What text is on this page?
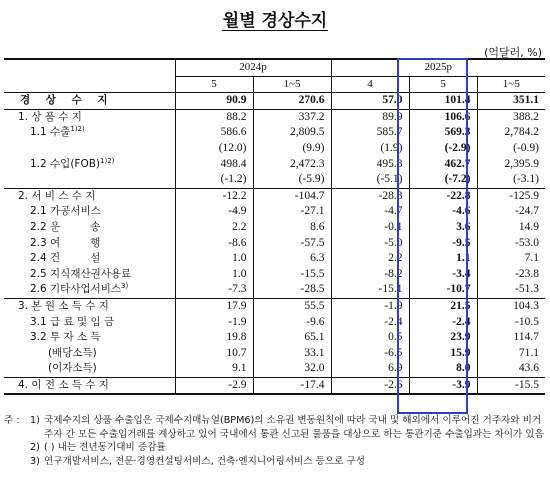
월별 경상수지
(억달러, %)
	2024p		2025p		
	5	1~5	4	5	1~5
경 상 수 지	90.9	270.6	57.0	101.4	351.1
1. 상 품 수 지	88.2	337.2	89.9	106.6	388.2
1.1 수출$^{1)2)}$	586.6	2,809.5	585.7	569.3	2,784.2
	(12.0)	(9.9)	(1.9)	(-2.9)	(-0.9)
1.2 수입(FOB)$^{1)2)}$	498.4	2,472.3	495.8	462.7	2,395.9
	(-1.2)	(-5.9)	(-5.1)	(-7.2)	(-3.1)
2. 서 비 스 수 지	-12.2	-104.7	-28.3	-22.8	-125.9
2.1 가공서비스	-4.9	-27.1	-4.7	-4.6	-24.7
2.2 운         송	2.2	8.6	-0.1	3.6	14.9
2.3 여         행	-8.6	-57.5	-5.0	-9.5	-53.0
2.4 건         설	1.0	6.3	2.2	1.1	7.1
2.5 지식재산권사용료	1.0	-15.5	-8.2	-3.4	-23.8
2.6 기타사업서비스$^{3)}$	-7.3	-28.5	-15.1	-10.7	-51.3
3. 본 원 소 득 수 지	17.9	55.5	-1.9	21.5	104.3
3.1 급 료 및 임 금	-1.9	-9.6	-2.4	-2.4	-10.5
3.2 투 자 소 득	19.8	65.1	0.5	23.9	114.7
(배당소득)	10.7	33.1	-6.5	15.9	71.1
(이자소득)	9.1	32.0	6.9	8.0	43.6
4. 이 전 소 득 수 지	-2.9	-17.4	-2.6	-3.9	-15.5
주 :	1) 국제수지의 상품 수출입은 국제수지매뉴얼(BPM6)의 소유권 변동원칙에 따라 국내 및 해외에서 이루어진 거주자와 비거주자 간 모든 수출입거래를 계상하고 있어 국내에서 통관 신고된 물품을 대상으로 하는 통관기준 수출입과는 차이가 있음
2) ( ) 내는 전년동기대비 증감률
3) 연구개발서비스, 전문·경영컨설팅서비스, 건축·엔지니어링서비스 등으로 구성
